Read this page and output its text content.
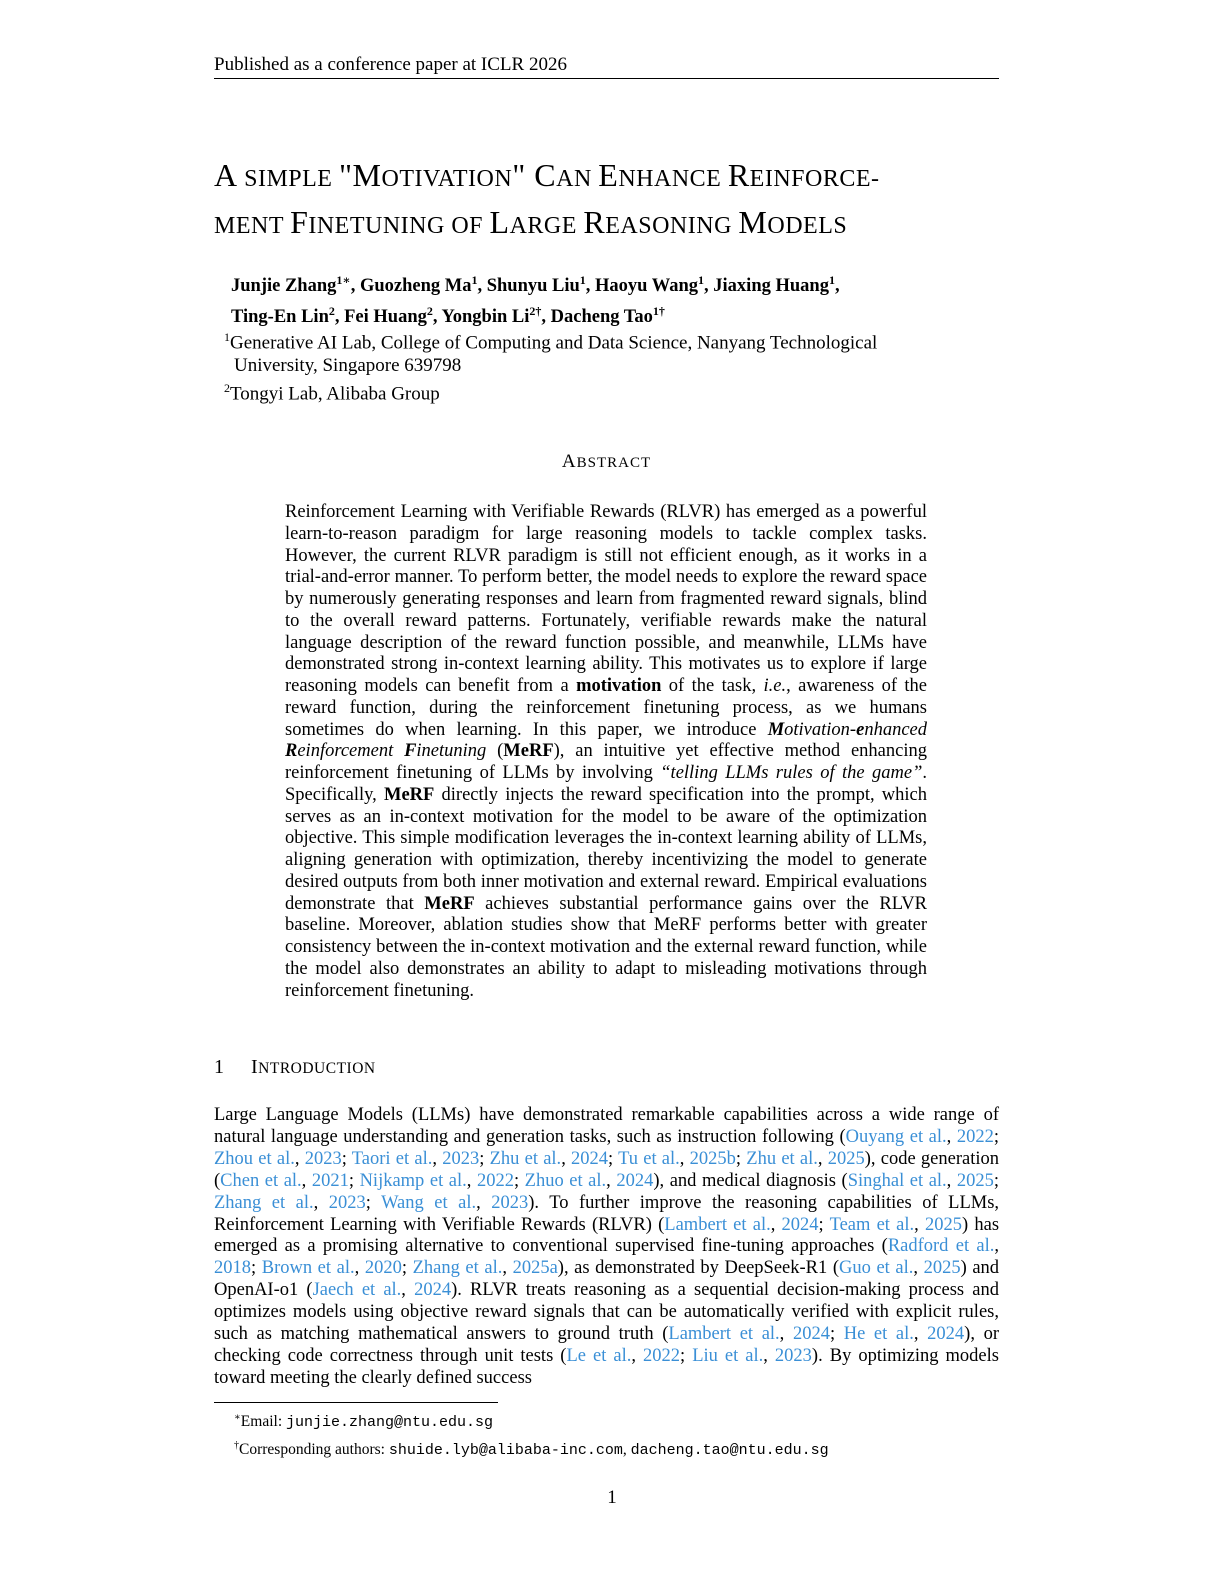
Published as a conference paper at ICLR 2026
A SIMPLE "MOTIVATION" CAN ENHANCE REINFORCE-
MENT FINETUNING OF LARGE REASONING MODELS
Junjie Zhang$^{1∗}$, Guozheng Ma$^1$, Shunyu Liu$^1$, Haoyu Wang$^1$, Jiaxing Huang$^1$,
Ting-En Lin$^2$, Fei Huang$^2$, Yongbin $Li^{2\dagger}$, Dacheng Tao$^{1\dagger}$
$^1$Generative AI Lab, College of Computing and Data Science, Nanyang Technological
University, Singapore 639798
$^2$Tongyi Lab, Alibaba Group
ABSTRACT

Reinforcement Learning with Verifiable Rewards (RLVR) has emerged as a powerful learn-to-reason paradigm for large reasoning models to tackle complex tasks. However, the current RLVR paradigm is still not efficient enough, as it works in a trial-and-error manner. To perform better, the model needs to explore the reward space by numerously generating responses and learn from fragmented reward signals, blind to the overall reward patterns. Fortunately, verifiable rewards make the natural language description of the reward function possible, and meanwhile, LLMs have demonstrated strong in-context learning ability. This motivates us to explore if large reasoning models can benefit from a motivation of the task, i.e., awareness of the reward function, during the reinforcement finetuning process, as we humans sometimes do when learning. In this paper, we introduce Motivation-enhanced Reinforcement Finetuning (MeRF), an intuitive yet effective method enhancing reinforcement finetuning of LLMs by involving “telling LLMs rules of the game”. Specifically, MeRF directly injects the reward specification into the prompt, which serves as an in-context motivation for the model to be aware of the optimization objective. This simple modification leverages the in-context learning ability of LLMs, aligning generation with optimization, thereby incentivizing the model to generate desired outputs from both inner motivation and external reward. Empirical evaluations demonstrate that MeRF achieves substantial performance gains over the RLVR baseline. Moreover, ablation studies show that MeRF performs better with greater consistency between the in-context motivation and the external reward function, while the model also demonstrates an ability to adapt to misleading motivations through reinforcement finetuning.

1 INTRODUCTION

Large Language Models (LLMs) have demonstrated remarkable capabilities across a wide range of natural language understanding and generation tasks, such as instruction following (Ouyang et al., 2022; Zhou et al., 2023; Taori et al., 2023; Zhu et al., 2024; Tu et al., 2025b; Zhu et al., 2025), code generation (Chen et al., 2021; Nijkamp et al., 2022; Zhuo et al., 2024), and medical diagnosis (Singhal et al., 2025; Zhang et al., 2023; Wang et al., 2023). To further improve the reasoning capabilities of LLMs, Reinforcement Learning with Verifiable Rewards (RLVR) (Lambert et al., 2024; Team et al., 2025) has emerged as a promising alternative to conventional supervised fine-tuning approaches (Radford et al., 2018; Brown et al., 2020; Zhang et al., 2025a), as demonstrated by DeepSeek-R1 (Guo et al., 2025) and OpenAI-o1 (Jaech et al., 2024). RLVR treats reasoning as a sequential decision-making process and optimizes models using objective reward signals that can be automatically verified with explicit rules, such as matching mathematical answers to ground truth (Lambert et al., 2024; He et al., 2024), or checking code correctness through unit tests (Le et al., 2022; Liu et al., 2023). By optimizing models toward meeting the clearly defined success

∗Email: junjie.zhang@ntu.edu.sg
†Corresponding authors: shuide.lyb@alibaba-inc.com, dacheng.tao@ntu.edu.sg
1
